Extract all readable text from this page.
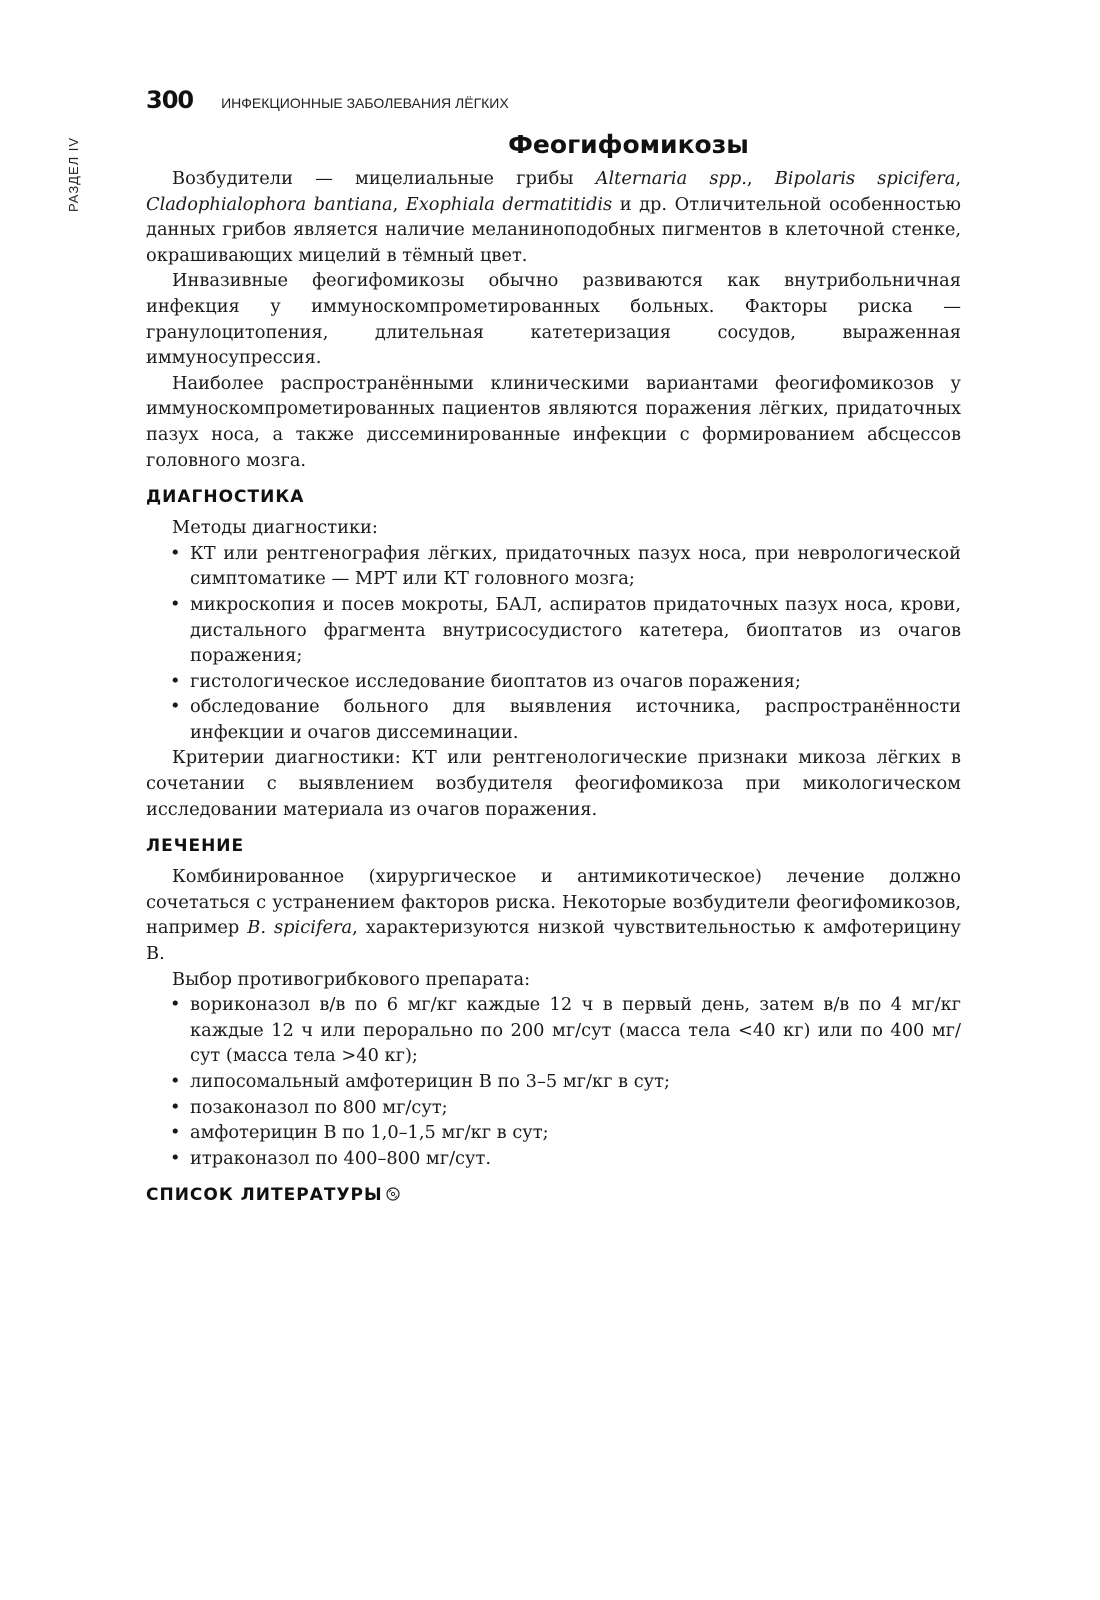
РАЗДЕЛ IV
300 ИНФЕКЦИОННЫЕ ЗАБОЛЕВАНИЯ ЛЁГКИХ
Феогифомикозы

Возбудители — мицелиальные грибы Alternaria spp., Bipolaris spicifera, Cladophialophora bantiana, Exophiala dermatitidis и др. Отличительной особенностью данных грибов является наличие меланиноподобных пигментов в клеточной стенке, окрашивающих мицелий в тёмный цвет.

Инвазивные феогифомикозы обычно развиваются как внутрибольничная инфекция у иммуноскомпрометированных больных. Факторы риска — гранулоцитопения, длительная катетеризация сосудов, выраженная иммуносупрессия.

Наиболее распространёнными клиническими вариантами феогифомикозов у иммуноскомпрометированных пациентов являются поражения лёгких, придаточных пазух носа, а также диссеминированные инфекции с формированием абсцессов головного мозга.

ДИАГНОСТИКА

Методы диагностики:

• КТ или рентгенография лёгких, придаточных пазух носа, при неврологической симптоматике — МРТ или КТ головного мозга;
• микроскопия и посев мокроты, БАЛ, аспиратов придаточных пазух носа, крови, дистального фрагмента внутрисосудистого катетера, биоптатов из очагов поражения;
• гистологическое исследование биоптатов из очагов поражения;
• обследование больного для выявления источника, распространённости инфекции и очагов диссеминации.

Критерии диагностики: КТ или рентгенологические признаки микоза лёгких в сочетании с выявлением возбудителя феогифомикоза при микологическом исследовании материала из очагов поражения.

ЛЕЧЕНИЕ

Комбинированное (хирургическое и антимикотическое) лечение должно сочетаться с устранением факторов риска. Некоторые возбудители феогифомикозов, например B. spicifera, характеризуются низкой чувствительностью к амфотерицину В.

Выбор противогрибкового препарата:

• вориконазол в/в по 6 мг/кг каждые 12 ч в первый день, затем в/в по 4 мг/кг каждые 12 ч или перорально по 200 мг/сут (масса тела <40 кг) или по 400 мг/сут (масса тела >40 кг);
• липосомальный амфотерицин В по 3–5 мг/кг в сут;
• позаконазол по 800 мг/сут;
• амфотерицин В по 1,0–1,5 мг/кг в сут;
• итраконазол по 400–800 мг/сут.
СПИСОК ЛИТЕРАТУРЫ
